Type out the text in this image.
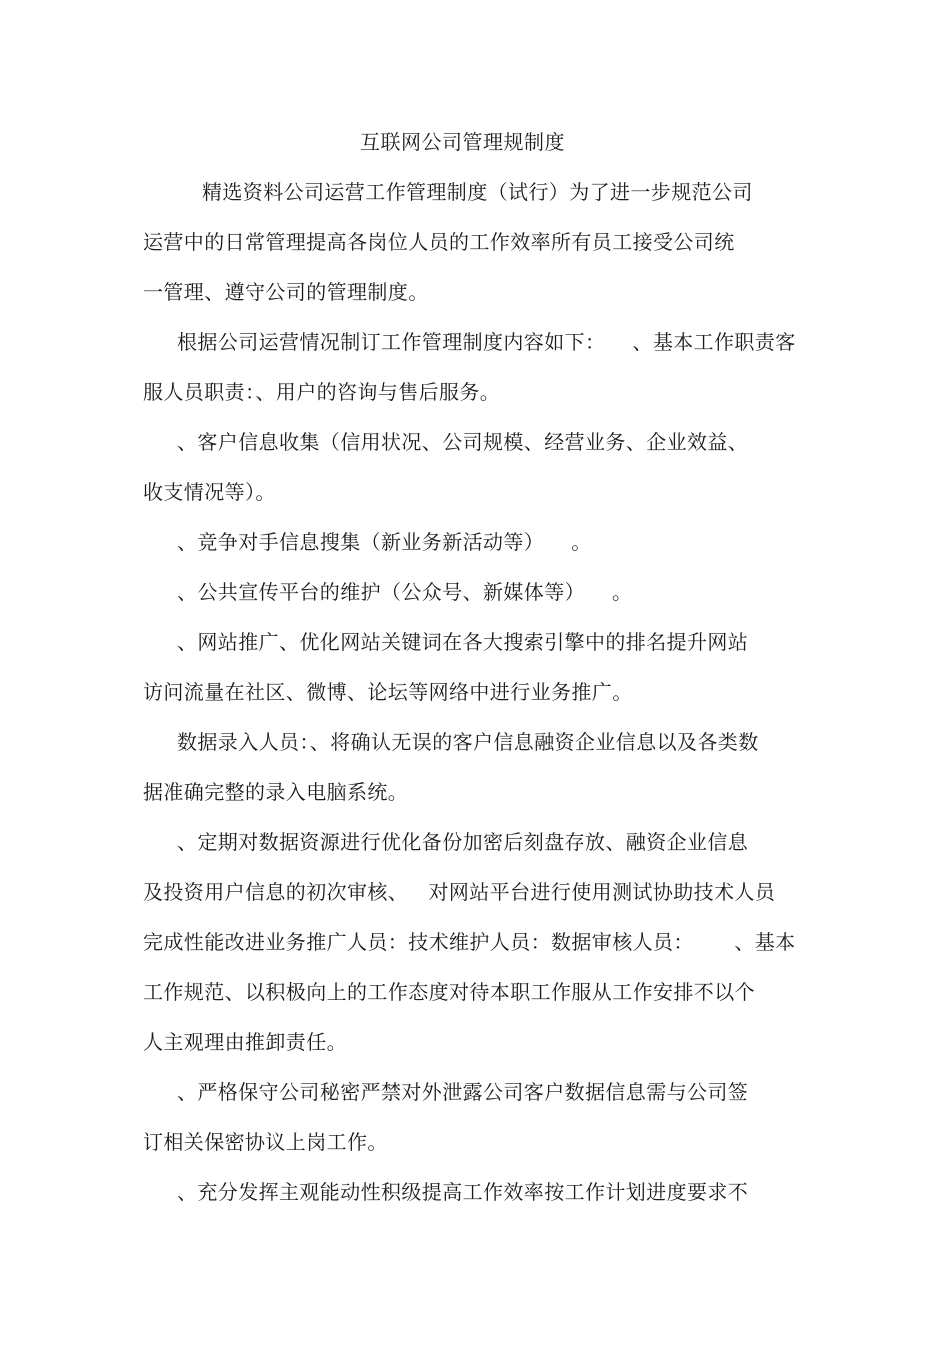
互联网公司管理规制度
精选资料公司运营工作管理制度（试行）为了进一步规范公司
运营中的日常管理提高各岗位人员的工作效率所有员工接受公司统
一管理、遵守公司的管理制度。
根据公司运营情况制订工作管理制度内容如下：    、基本工作职责客
服人员职责：、用户的咨询与售后服务。
、客户信息收集（信用状况、公司规模、经营业务、企业效益、
收支情况等）。
、竞争对手信息搜集（新业务新活动等）    。
、公共宣传平台的维护（公众号、新媒体等）    。
、网站推广、优化网站关键词在各大搜索引擎中的排名提升网站
访问流量在社区、微博、论坛等网络中进行业务推广。
数据录入人员：、将确认无误的客户信息融资企业信息以及各类数
据准确完整的录入电脑系统。
、定期对数据资源进行优化备份加密后刻盘存放、融资企业信息
及投资用户信息的初次审核、   对网站平台进行使用测试协助技术人员
完成性能改进业务推广人员：技术维护人员：数据审核人员：      、基本
工作规范、以积极向上的工作态度对待本职工作服从工作安排不以个
人主观理由推卸责任。
、严格保守公司秘密严禁对外泄露公司客户数据信息需与公司签
订相关保密协议上岗工作。
、充分发挥主观能动性积级提高工作效率按工作计划进度要求不
